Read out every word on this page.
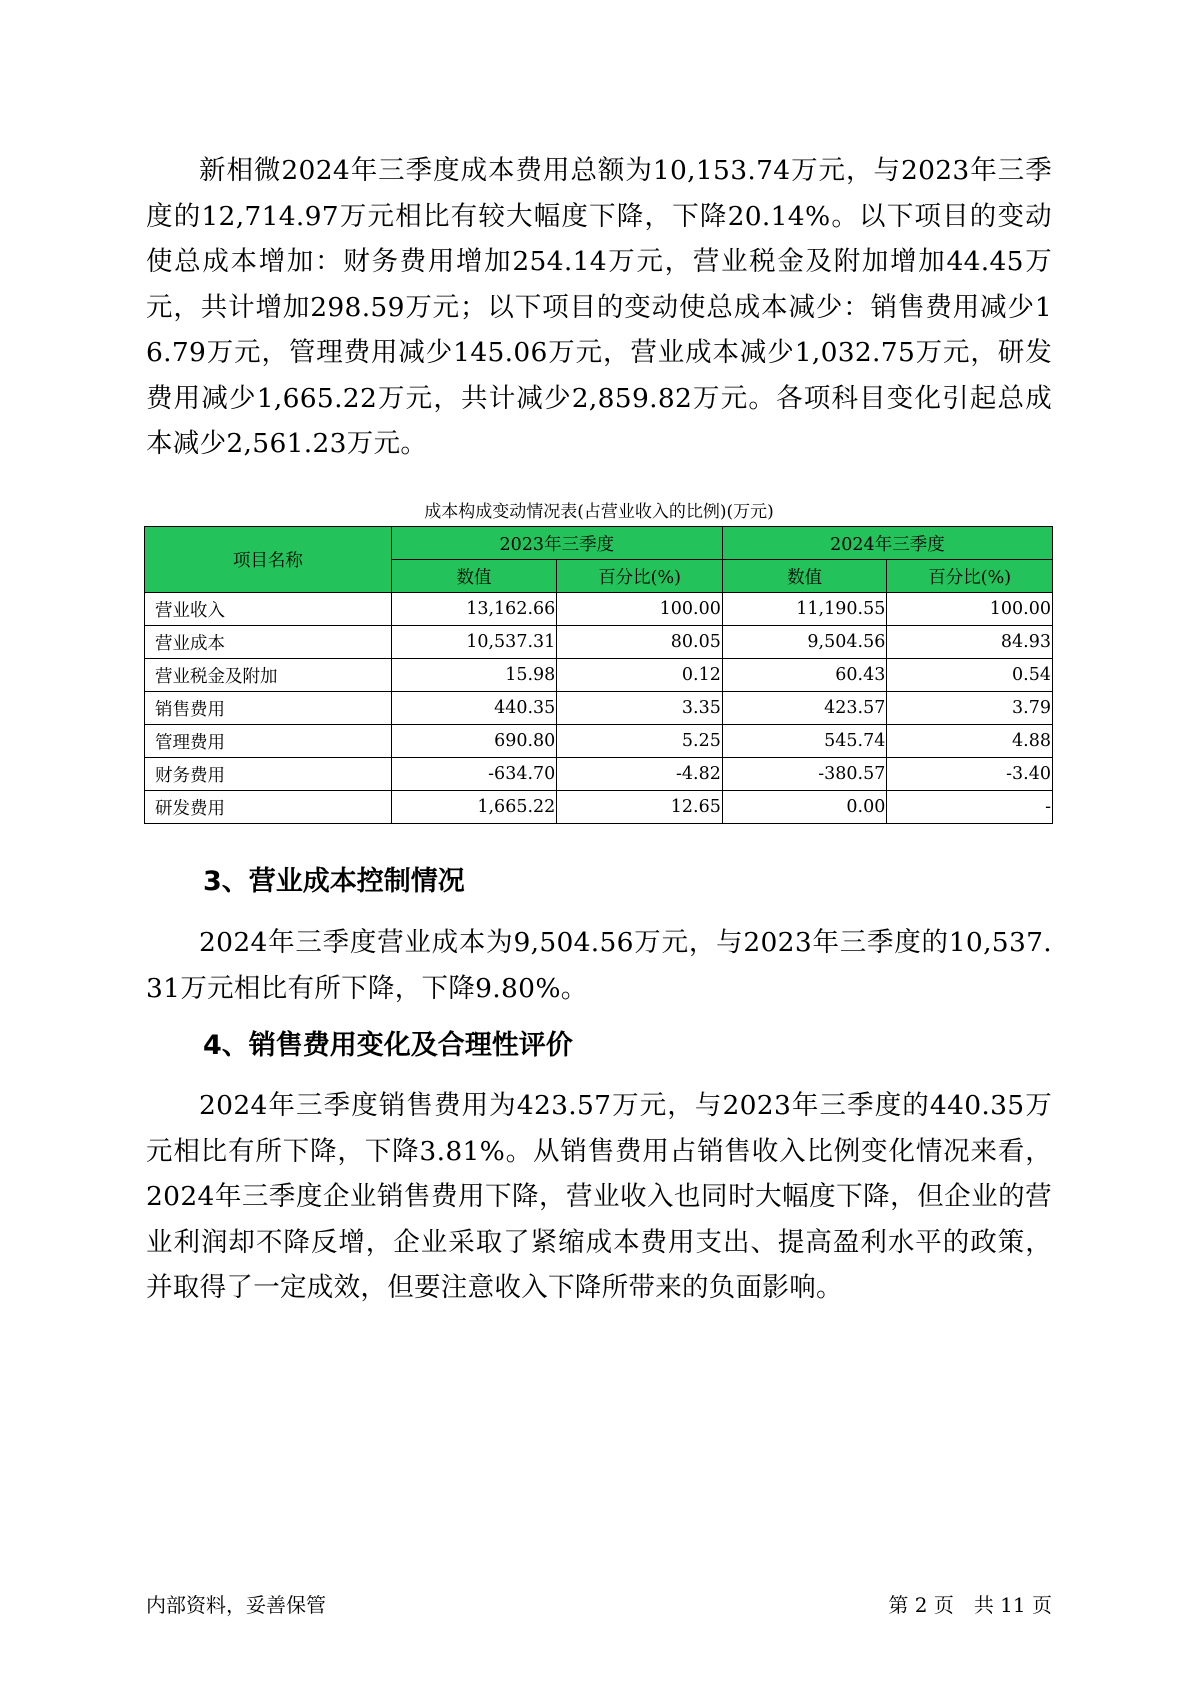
新相微2024年三季度成本费用总额为10,153.74万元，与2023年三季度的12,714.97万元相比有较大幅度下降，下降20.14%。以下项目的变动使总成本增加：财务费用增加254.14万元，营业税金及附加增加44.45万元，共计增加298.59万元；以下项目的变动使总成本减少：销售费用减少16.79万元，管理费用减少145.06万元，营业成本减少1,032.75万元，研发费用减少1,665.22万元，共计减少2,859.82万元。各项科目变化引起总成本减少2,561.23万元。

成本构成变动情况表(占营业收入的比例)(万元)

项目名称	2023年三季度		2024年三季度	
	数值	百分比(%)	数值	百分比(%)
营业收入	13,162.66	100.00	11,190.55	100.00
营业成本	10,537.31	80.05	9,504.56	84.93
营业税金及附加	15.98	0.12	60.43	0.54
销售费用	440.35	3.35	423.57	3.79
管理费用	690.80	5.25	545.74	4.88
财务费用	-634.70	-4.82	-380.57	-3.40
研发费用	1,665.22	12.65	0.00	-
3、营业成本控制情况

2024年三季度营业成本为9,504.56万元，与2023年三季度的10,537.31万元相比有所下降，下降9.80%。

4、销售费用变化及合理性评价

2024年三季度销售费用为423.57万元，与2023年三季度的440.35万元相比有所下降，下降3.81%。从销售费用占销售收入比例变化情况来看，2024年三季度企业销售费用下降，营业收入也同时大幅度下降，但企业的营业利润却不降反增，企业采取了紧缩成本费用支出、提高盈利水平的政策，并取得了一定成效，但要注意收入下降所带来的负面影响。

内部资料，妥善保管	第 2 页　共 11 页
